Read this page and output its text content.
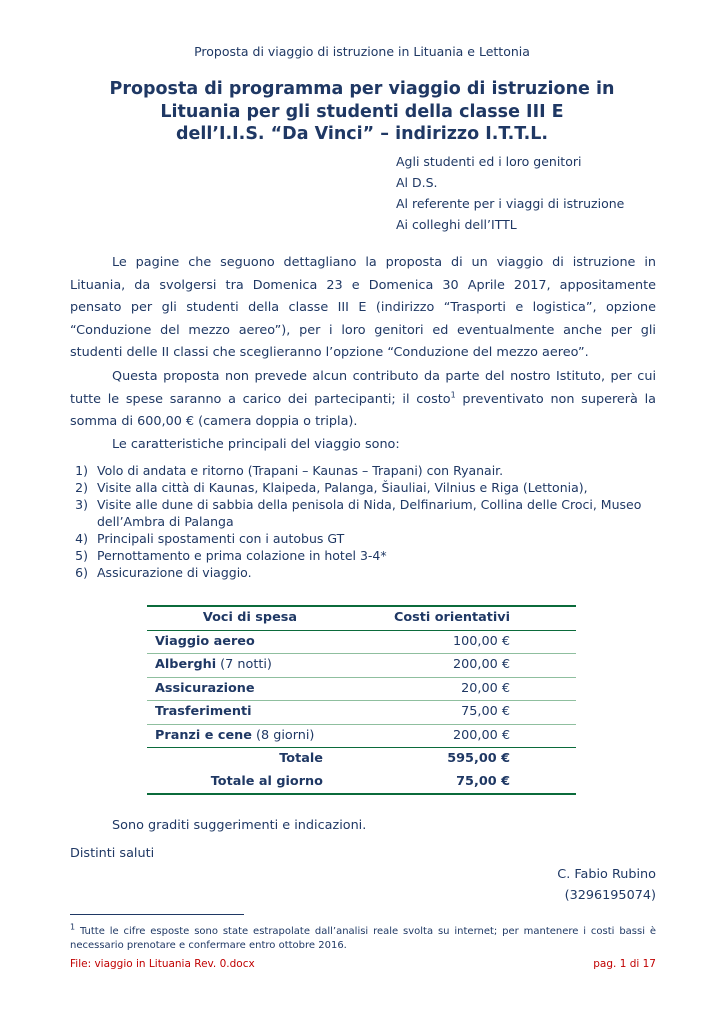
Proposta di viaggio di istruzione in Lituania e Lettonia
Proposta di programma per viaggio di istruzione in
Lituania per gli studenti della classe III E
dell’I.I.S. “Da Vinci” – indirizzo I.T.T.L.
Agli studenti ed i loro genitori
Al D.S.
Al referente per i viaggi di istruzione
Ai colleghi dell’ITTL
Le pagine che seguono dettagliano la proposta di un viaggio di istruzione in Lituania, da svolgersi tra Domenica 23 e Domenica 30 Aprile 2017, appositamente pensato per gli studenti della classe III E (indirizzo “Trasporti e logistica”, opzione “Conduzione del mezzo aereo”), per i loro genitori ed eventualmente anche per gli studenti delle II classi che sceglieranno l’opzione “Conduzione del mezzo aereo”.
Questa proposta non prevede alcun contributo da parte del nostro Istituto, per cui tutte le spese saranno a carico dei partecipanti; il costo$^1$ preventivato non supererà la somma di 600,00 € (camera doppia o tripla).
Le caratteristiche principali del viaggio sono:
1) Volo di andata e ritorno (Trapani – Kaunas – Trapani) con Ryanair.
2) Visite alla città di Kaunas, Klaipeda, Palanga, Šiauliai, Vilnius e Riga (Lettonia),
3) Visite alle dune di sabbia della penisola di Nida, Delfinarium, Collina delle Croci, Museo dell’Ambra di Palanga
4) Principali spostamenti con i autobus GT
5) Pernottamento e prima colazione in hotel 3-4*
6) Assicurazione di viaggio.
Voci di spesa	Costi orientativi
Viaggio aereo	100,00 €
Alberghi (7 notti)	200,00 €
Assicurazione	20,00 €
Trasferimenti	75,00 €
Pranzi e cene (8 giorni)	200,00 €
Totale	595,00 €
Totale al giorno	75,00 €
Sono graditi suggerimenti e indicazioni.
Distinti saluti
C. Fabio Rubino
(3296195074)
$^1$ Tutte le cifre esposte sono state estrapolate dall’analisi reale svolta su internet; per mantenere i costi bassi è necessario prenotare e confermare entro ottobre 2016.
File: viaggio in Lituania Rev. 0.docx	pag. 1 di 17
